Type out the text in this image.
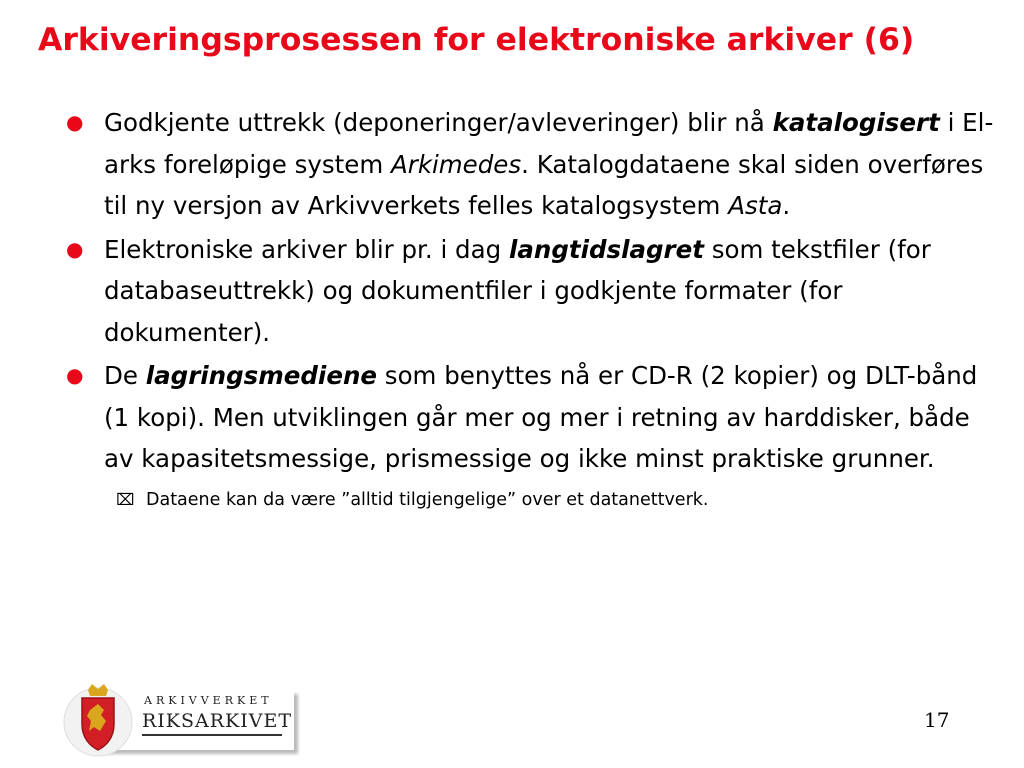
Arkiveringsprosessen for elektroniske arkiver (6)
● Godkjente uttrekk (deponeringer/avleveringer) blir nå katalogisert i El-arks foreløpige system Arkimedes. Katalogdataene skal siden overføres til ny versjon av Arkivverkets felles katalogsystem Asta.
● Elektroniske arkiver blir pr. i dag langtidslagret som tekstfiler (for databaseuttrekk) og dokumentfiler i godkjente formater (for dokumenter).
● De lagringsmediene som benyttes nå er CD-R (2 kopier) og DLT-bånd (1 kopi). Men utviklingen går mer og mer i retning av harddisker, både av kapasitetsmessige, prismessige og ikke minst praktiske grunner.
⌧ Dataene kan da være ”alltid tilgjengelige” over et datanettverk.
ARKIVVERKET
RIKSARKIVET	17
